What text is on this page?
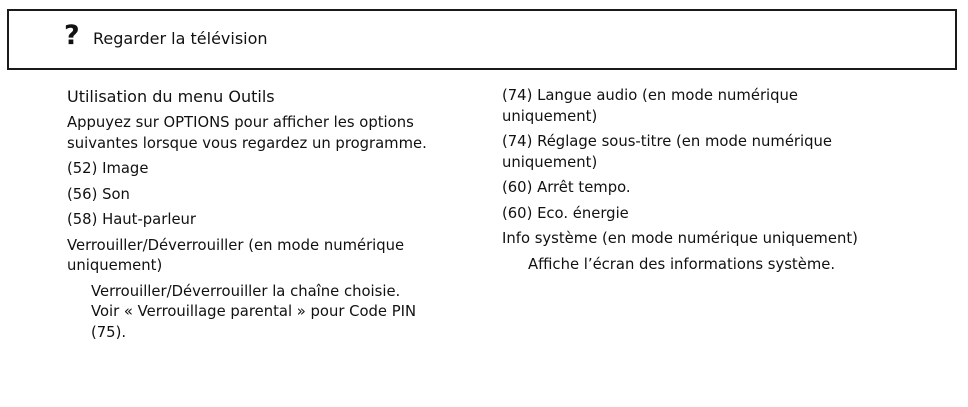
? Regarder la télévision
Utilisation du menu Outils
Appuyez sur OPTIONS pour afficher les options
suivantes lorsque vous regardez un programme.
(52) Image
(56) Son
(58) Haut-parleur
Verrouiller/Déverrouiller (en mode numérique
uniquement)
Verrouiller/Déverrouiller la chaîne choisie.
Voir « Verrouillage parental » pour Code PIN
(75).
(74) Langue audio (en mode numérique
uniquement)
(74) Réglage sous-titre (en mode numérique
uniquement)
(60) Arrêt tempo.
(60) Eco. énergie
Info système (en mode numérique uniquement)
Affiche l’écran des informations système.
